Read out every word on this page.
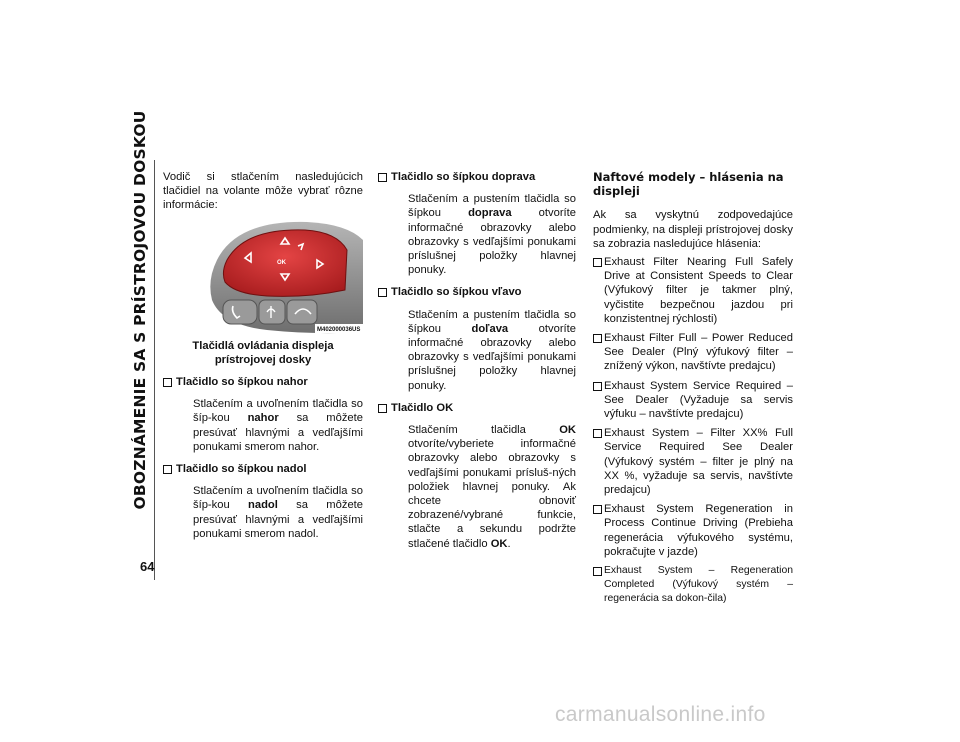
OBOZNÁMENIE SA S PRÍSTROJOVOU DOSKOU
64

Vodič si stlačením nasledujúcich tlačidiel na volante môže vybrať rôzne informácie:

OK
M402000036US

Tlačidlá ovládania displeja prístrojovej dosky

Tlačidlo so šípkou nahor
Stlačením a uvoľnením tlačidla so šíp-kou nahor sa môžete presúvať hlavnými a vedľajšími ponukami smerom nahor.
Tlačidlo so šípkou nadol
Stlačením a uvoľnením tlačidla so šíp-kou nadol sa môžete presúvať hlavnými a vedľajšími ponukami smerom nadol.
Tlačidlo so šípkou doprava
Stlačením a pustením tlačidla so šípkou doprava otvoríte informačné obrazovky alebo obrazovky s vedľajšími ponukami príslušnej položky hlavnej ponuky.
Tlačidlo so šípkou vľavo
Stlačením a pustením tlačidla so šípkou doľava otvoríte informačné obrazovky alebo obrazovky s vedľajšími ponukami príslušnej položky hlavnej ponuky.
Tlačidlo OK
Stlačením tlačidla OK otvoríte/vyberiete informačné obrazovky alebo obrazovky s vedľajšími ponukami prísluš-ných položiek hlavnej ponuky. Ak chcete obnoviť zobrazené/vybrané funkcie, stlačte a sekundu podržte stlačené tlačidlo OK.
Naftové modely – hlásenia na displeji

Ak sa vyskytnú zodpovedajúce podmienky, na displeji prístrojovej dosky sa zobrazia nasledujúce hlásenia:

Exhaust Filter Nearing Full Safely Drive at Consistent Speeds to Clear (Výfukový filter je takmer plný, vyčistite bezpečnou jazdou pri konzistentnej rýchlosti)
Exhaust Filter Full – Power Reduced See Dealer (Plný výfukový filter – znížený výkon, navštívte predajcu)
Exhaust System Service Required – See Dealer (Vyžaduje sa servis výfuku – navštívte predajcu)
Exhaust System – Filter XX% Full Service Required See Dealer (Výfukový systém – filter je plný na XX %, vyžaduje sa servis, navštívte predajcu)
Exhaust System Regeneration in Process Continue Driving (Prebieha regenerácia výfukového systému, pokračujte v jazde)
Exhaust System – Regeneration Completed (Výfukový systém – regenerácia sa dokon-čila)
carmanualsonline.info
